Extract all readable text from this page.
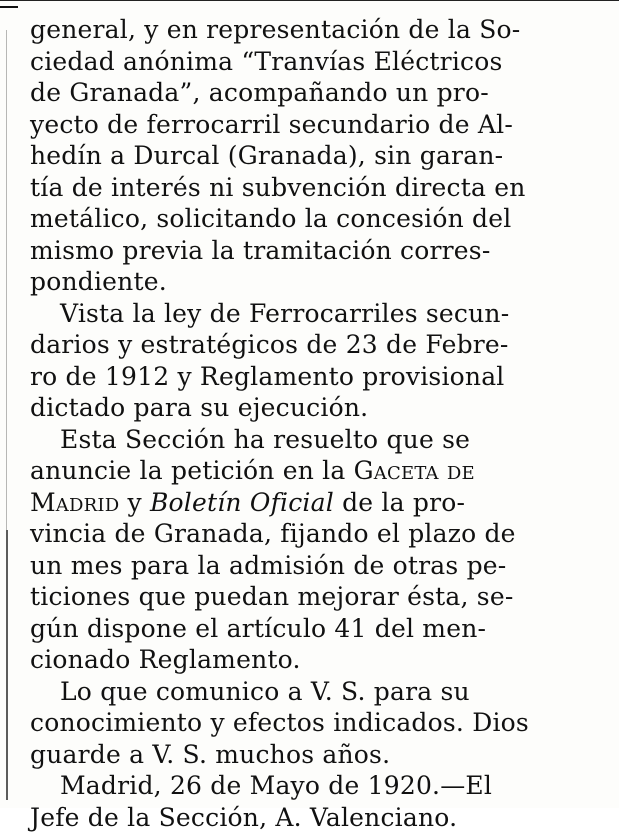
general, y en representación de la So-
ciedad anónima “Tranvías Eléctricos
de Granada”, acompañando un pro-
yecto de ferrocarril secundario de Al-
hedín a Durcal (Granada), sin garan-
tía de interés ni subvención directa en
metálico, solicitando la concesión del
mismo previa la tramitación corres-
pondiente.
Vista la ley de Ferrocarriles secun-
darios y estratégicos de 23 de Febre-
ro de 1912 y Reglamento provisional
dictado para su ejecución.
Esta Sección ha resuelto que se
anuncie la petición en la Gaceta de
Madrid y Boletín Oficial de la pro-
vincia de Granada, fijando el plazo de
un mes para la admisión de otras pe-
ticiones que puedan mejorar ésta, se-
gún dispone el artículo 41 del men-
cionado Reglamento.
Lo que comunico a V. S. para su
conocimiento y efectos indicados. Dios
guarde a V. S. muchos años.
Madrid, 26 de Mayo de 1920.—El
Jefe de la Sección, A. Valenciano.
